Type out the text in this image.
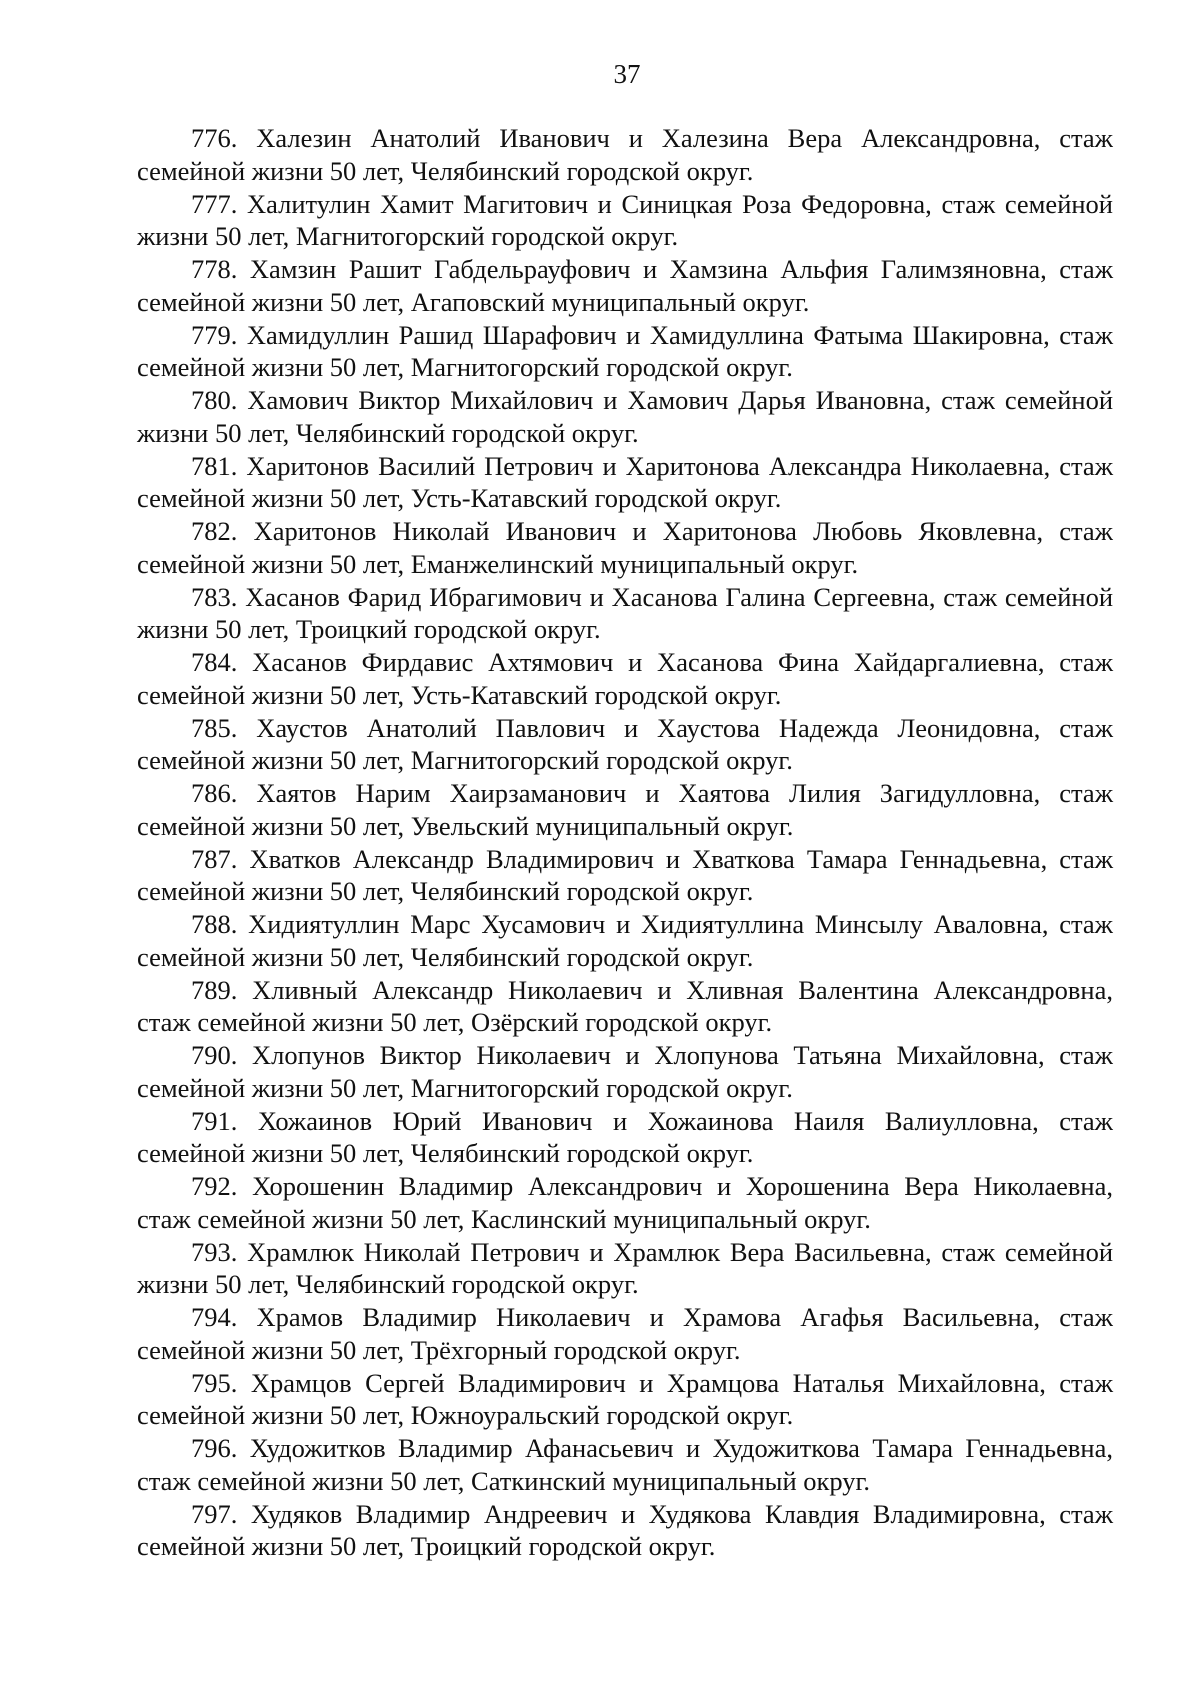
37
776. Халезин Анатолий Иванович и Халезина Вера Александровна, стаж семейной жизни 50 лет, Челябинский городской округ.
777. Халитулин Хамит Магитович и Синицкая Роза Федоровна, стаж семейной жизни 50 лет, Магнитогорский городской округ.
778. Хамзин Рашит Габдельрауфович и Хамзина Альфия Галимзяновна, стаж семейной жизни 50 лет, Агаповский муниципальный округ.
779. Хамидуллин Рашид Шарафович и Хамидуллина Фатыма Шакировна, стаж семейной жизни 50 лет, Магнитогорский городской округ.
780. Хамович Виктор Михайлович и Хамович Дарья Ивановна, стаж семейной жизни 50 лет, Челябинский городской округ.
781. Харитонов Василий Петрович и Харитонова Александра Николаевна, стаж семейной жизни 50 лет, Усть-Катавский городской округ.
782. Харитонов Николай Иванович и Харитонова Любовь Яковлевна, стаж семейной жизни 50 лет, Еманжелинский муниципальный округ.
783. Хасанов Фарид Ибрагимович и Хасанова Галина Сергеевна, стаж семейной жизни 50 лет, Троицкий городской округ.
784. Хасанов Фирдавис Ахтямович и Хасанова Фина Хайдаргалиевна, стаж семейной жизни 50 лет, Усть-Катавский городской округ.
785. Хаустов Анатолий Павлович и Хаустова Надежда Леонидовна, стаж семейной жизни 50 лет, Магнитогорский городской округ.
786. Хаятов Нарим Хаирзаманович и Хаятова Лилия Загидулловна, стаж семейной жизни 50 лет, Увельский муниципальный округ.
787. Хватков Александр Владимирович и Хваткова Тамара Геннадьевна, стаж семейной жизни 50 лет, Челябинский городской округ.
788. Хидиятуллин Марс Хусамович и Хидиятуллина Минсылу Аваловна, стаж семейной жизни 50 лет, Челябинский городской округ.
789. Хливный Александр Николаевич и Хливная Валентина Александровна, стаж семейной жизни 50 лет, Озёрский городской округ.
790. Хлопунов Виктор Николаевич и Хлопунова Татьяна Михайловна, стаж семейной жизни 50 лет, Магнитогорский городской округ.
791. Хожаинов Юрий Иванович и Хожаинова Наиля Валиулловна, стаж семейной жизни 50 лет, Челябинский городской округ.
792. Хорошенин Владимир Александрович и Хорошенина Вера Николаевна, стаж семейной жизни 50 лет, Каслинский муниципальный округ.
793. Храмлюк Николай Петрович и Храмлюк Вера Васильевна, стаж семейной жизни 50 лет, Челябинский городской округ.
794. Храмов Владимир Николаевич и Храмова Агафья Васильевна, стаж семейной жизни 50 лет, Трёхгорный городской округ.
795. Храмцов Сергей Владимирович и Храмцова Наталья Михайловна, стаж семейной жизни 50 лет, Южноуральский городской округ.
796. Художитков Владимир Афанасьевич и Художиткова Тамара Геннадьевна, стаж семейной жизни 50 лет, Саткинский муниципальный округ.
797. Худяков Владимир Андреевич и Худякова Клавдия Владимировна, стаж семейной жизни 50 лет, Троицкий городской округ.
